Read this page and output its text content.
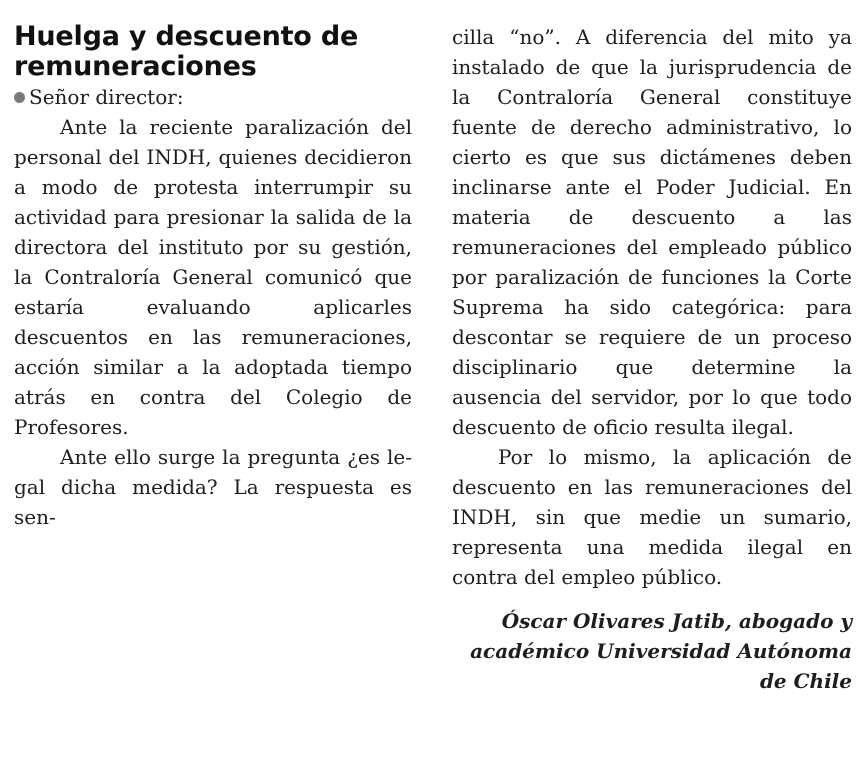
Huelga y descuento de remuneraciones

Señor director:

Ante la reciente paralización del personal del INDH, quienes decidieron a modo de protesta interrumpir su actividad para presionar la salida de la directora del instituto por su gestión, la Contraloría General comunicó que estaría evaluando aplicarles descuentos en las remuneraciones, acción similar a la adoptada tiempo atrás en contra del Colegio de Profesores.

Ante ello surge la pregunta ¿es le- gal dicha medida? La respuesta es sen-

cilla “no”. A diferencia del mito ya instalado de que la jurisprudencia de la Contraloría General constituye fuente de derecho administrativo, lo cierto es que sus dictámenes deben inclinarse ante el Poder Judicial. En materia de descuento a las remuneraciones del empleado público por paralización de funciones la Corte Suprema ha sido categórica: para descontar se requiere de un proceso disciplinario que determine la ausencia del servidor, por lo que todo descuento de oficio resulta ilegal.

Por lo mismo, la aplicación de descuento en las remuneraciones del INDH, sin que medie un sumario, representa una medida ilegal en contra del empleo público.

Óscar Olivares Jatib, abogado y académico Universidad Autónoma de Chile
